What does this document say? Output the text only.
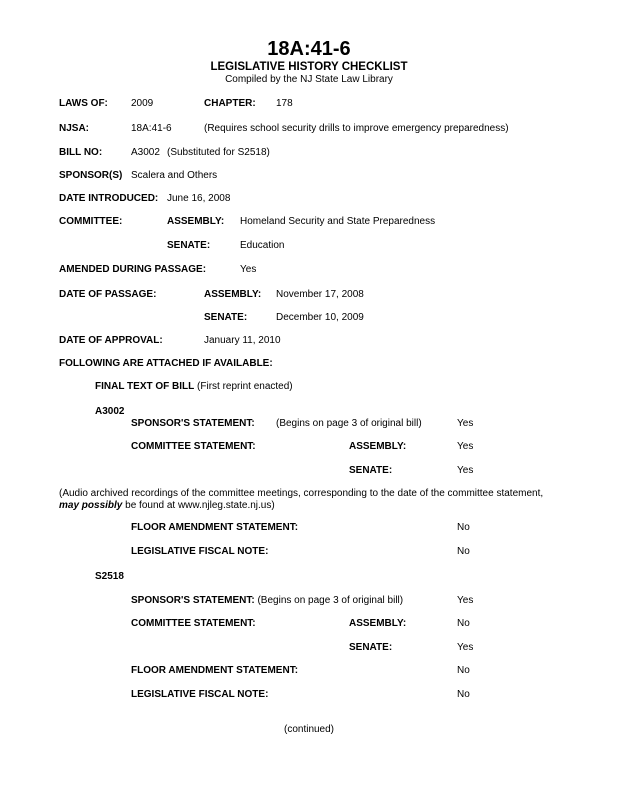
18A:41-6
LEGISLATIVE HISTORY CHECKLIST
Compiled by the NJ State Law Library
LAWS OF: 2009	CHAPTER: 178
NJSA:	18A:41-6	(Requires school security drills to improve emergency preparedness)
BILL NO:	A3002 (Substituted for S2518)
SPONSOR(S) Scalera and Others
DATE INTRODUCED: June 16, 2008
COMMITTEE:	ASSEMBLY: Homeland Security and State Preparedness
SENATE:	Education
AMENDED DURING PASSAGE:	Yes
DATE OF PASSAGE:	ASSEMBLY: November 17, 2008
SENATE:	December 10, 2009
DATE OF APPROVAL:	January 11, 2010
FOLLOWING ARE ATTACHED IF AVAILABLE:
FINAL TEXT OF BILL (First reprint enacted)
A3002
SPONSOR'S STATEMENT: (Begins on page 3 of original bill)	Yes
COMMITTEE STATEMENT:	ASSEMBLY:	Yes
SENATE:	Yes
(Audio archived recordings of the committee meetings, corresponding to the date of the committee statement, may possibly be found at www.njleg.state.nj.us)
FLOOR AMENDMENT STATEMENT:	No
LEGISLATIVE FISCAL NOTE:	No
S2518
SPONSOR'S STATEMENT: (Begins on page 3 of original bill)	Yes
COMMITTEE STATEMENT:	ASSEMBLY:	No
SENATE:	Yes
FLOOR AMENDMENT STATEMENT:	No
LEGISLATIVE FISCAL NOTE:	No
(continued)
